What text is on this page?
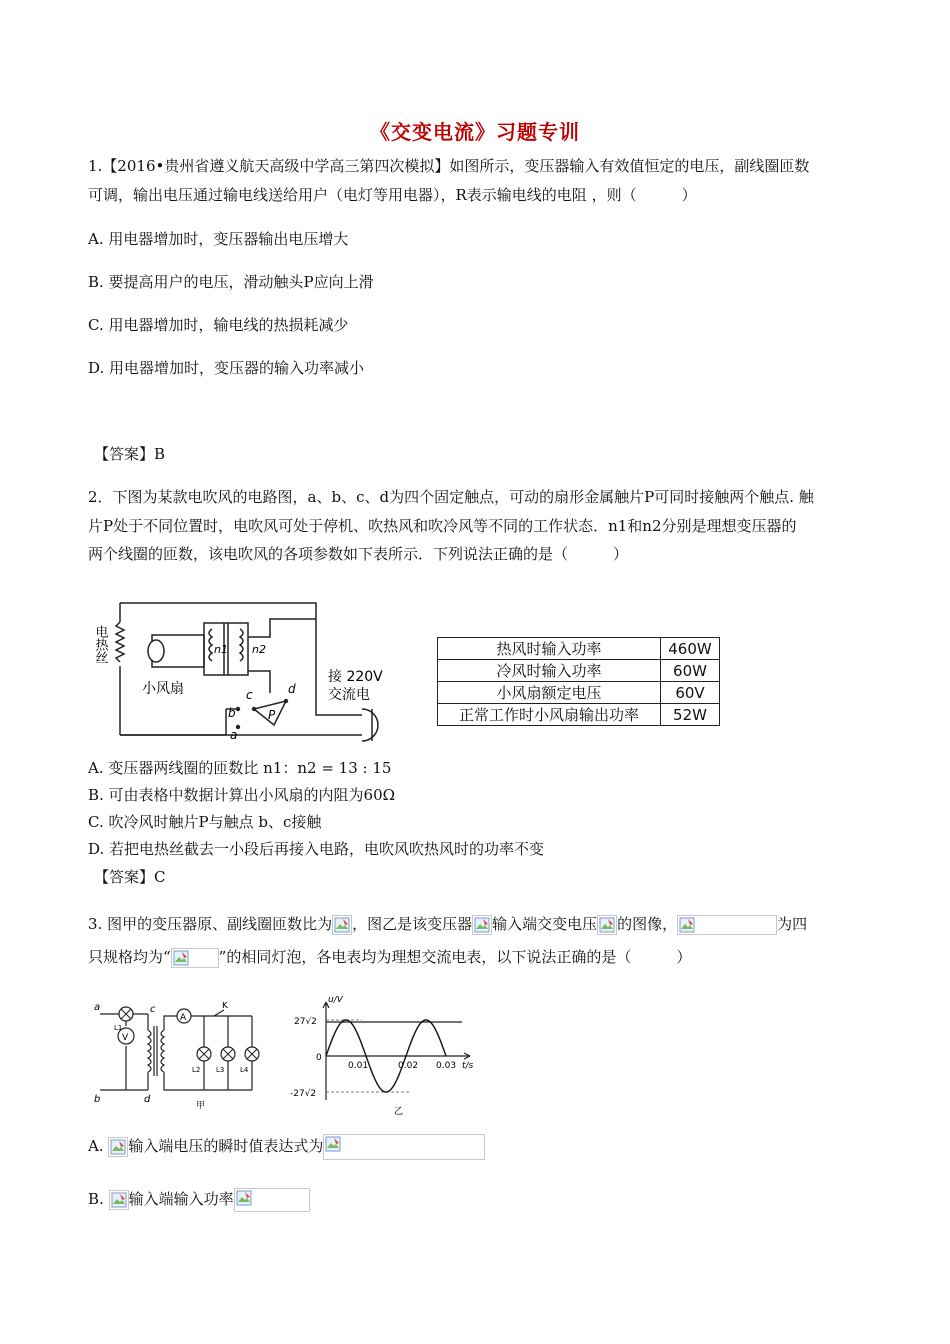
《交变电流》习题专训
1.【2016•贵州省遵义航天高级中学高三第四次模拟】如图所示，变压器输入有效值恒定的电压，副线圈匝数
可调，输出电压通过输电线送给用户（电灯等用电器），R表示输电线的电阻 ，则（　　　）
A. 用电器增加时，变压器输出电压增大
B. 要提高用户的电压，滑动触头P应向上滑
C. 用电器增加时，输电线的热损耗减少
D. 用电器增加时，变压器的输入功率减小
【答案】B
2．下图为某款电吹风的电路图，a、b、c、d为四个固定触点，可动的扇形金属触片P可同时接触两个触点. 触
片P处于不同位置时，电吹风可处于停机、吹热风和吹冷风等不同的工作状态．n1和n2分别是理想变压器的
两个线圈的匝数，该电吹风的各项参数如下表所示．下列说法正确的是（　　　）
电热丝
小风扇
n1 n2
a
b
c	d
P
接 220V
交流电
热风时输入功率	460W
冷风时输入功率	60W
小风扇额定电压	60V
正常工作时小风扇输出功率	52W
A. 变压器两线圈的匝数比 n1：n2 = 13 : 15
B. 可由表格中数据计算出小风扇的内阻为60Ω
C. 吹冷风时触片P与触点 b、c接触
D. 若把电热丝截去一小段后再接入电路，电吹风吹热风时的功率不变
【答案】C
3. 图甲的变压器原、副线圈匝数比为 ，图乙是该变压器 输入端交变电压 的图像，	为四
只规格均为“	”的相同灯泡，各电表均为理想交流电表，以下说法正确的是（　　　）
a
b
c
d
K
V
A
L1
L2 L3 L4
甲
u/V
t/s
27√2
-27√2
0
0.01	0.02 0.03
乙
A.
输入端电压的瞬时值表达式为
B.
输入端输入功率
